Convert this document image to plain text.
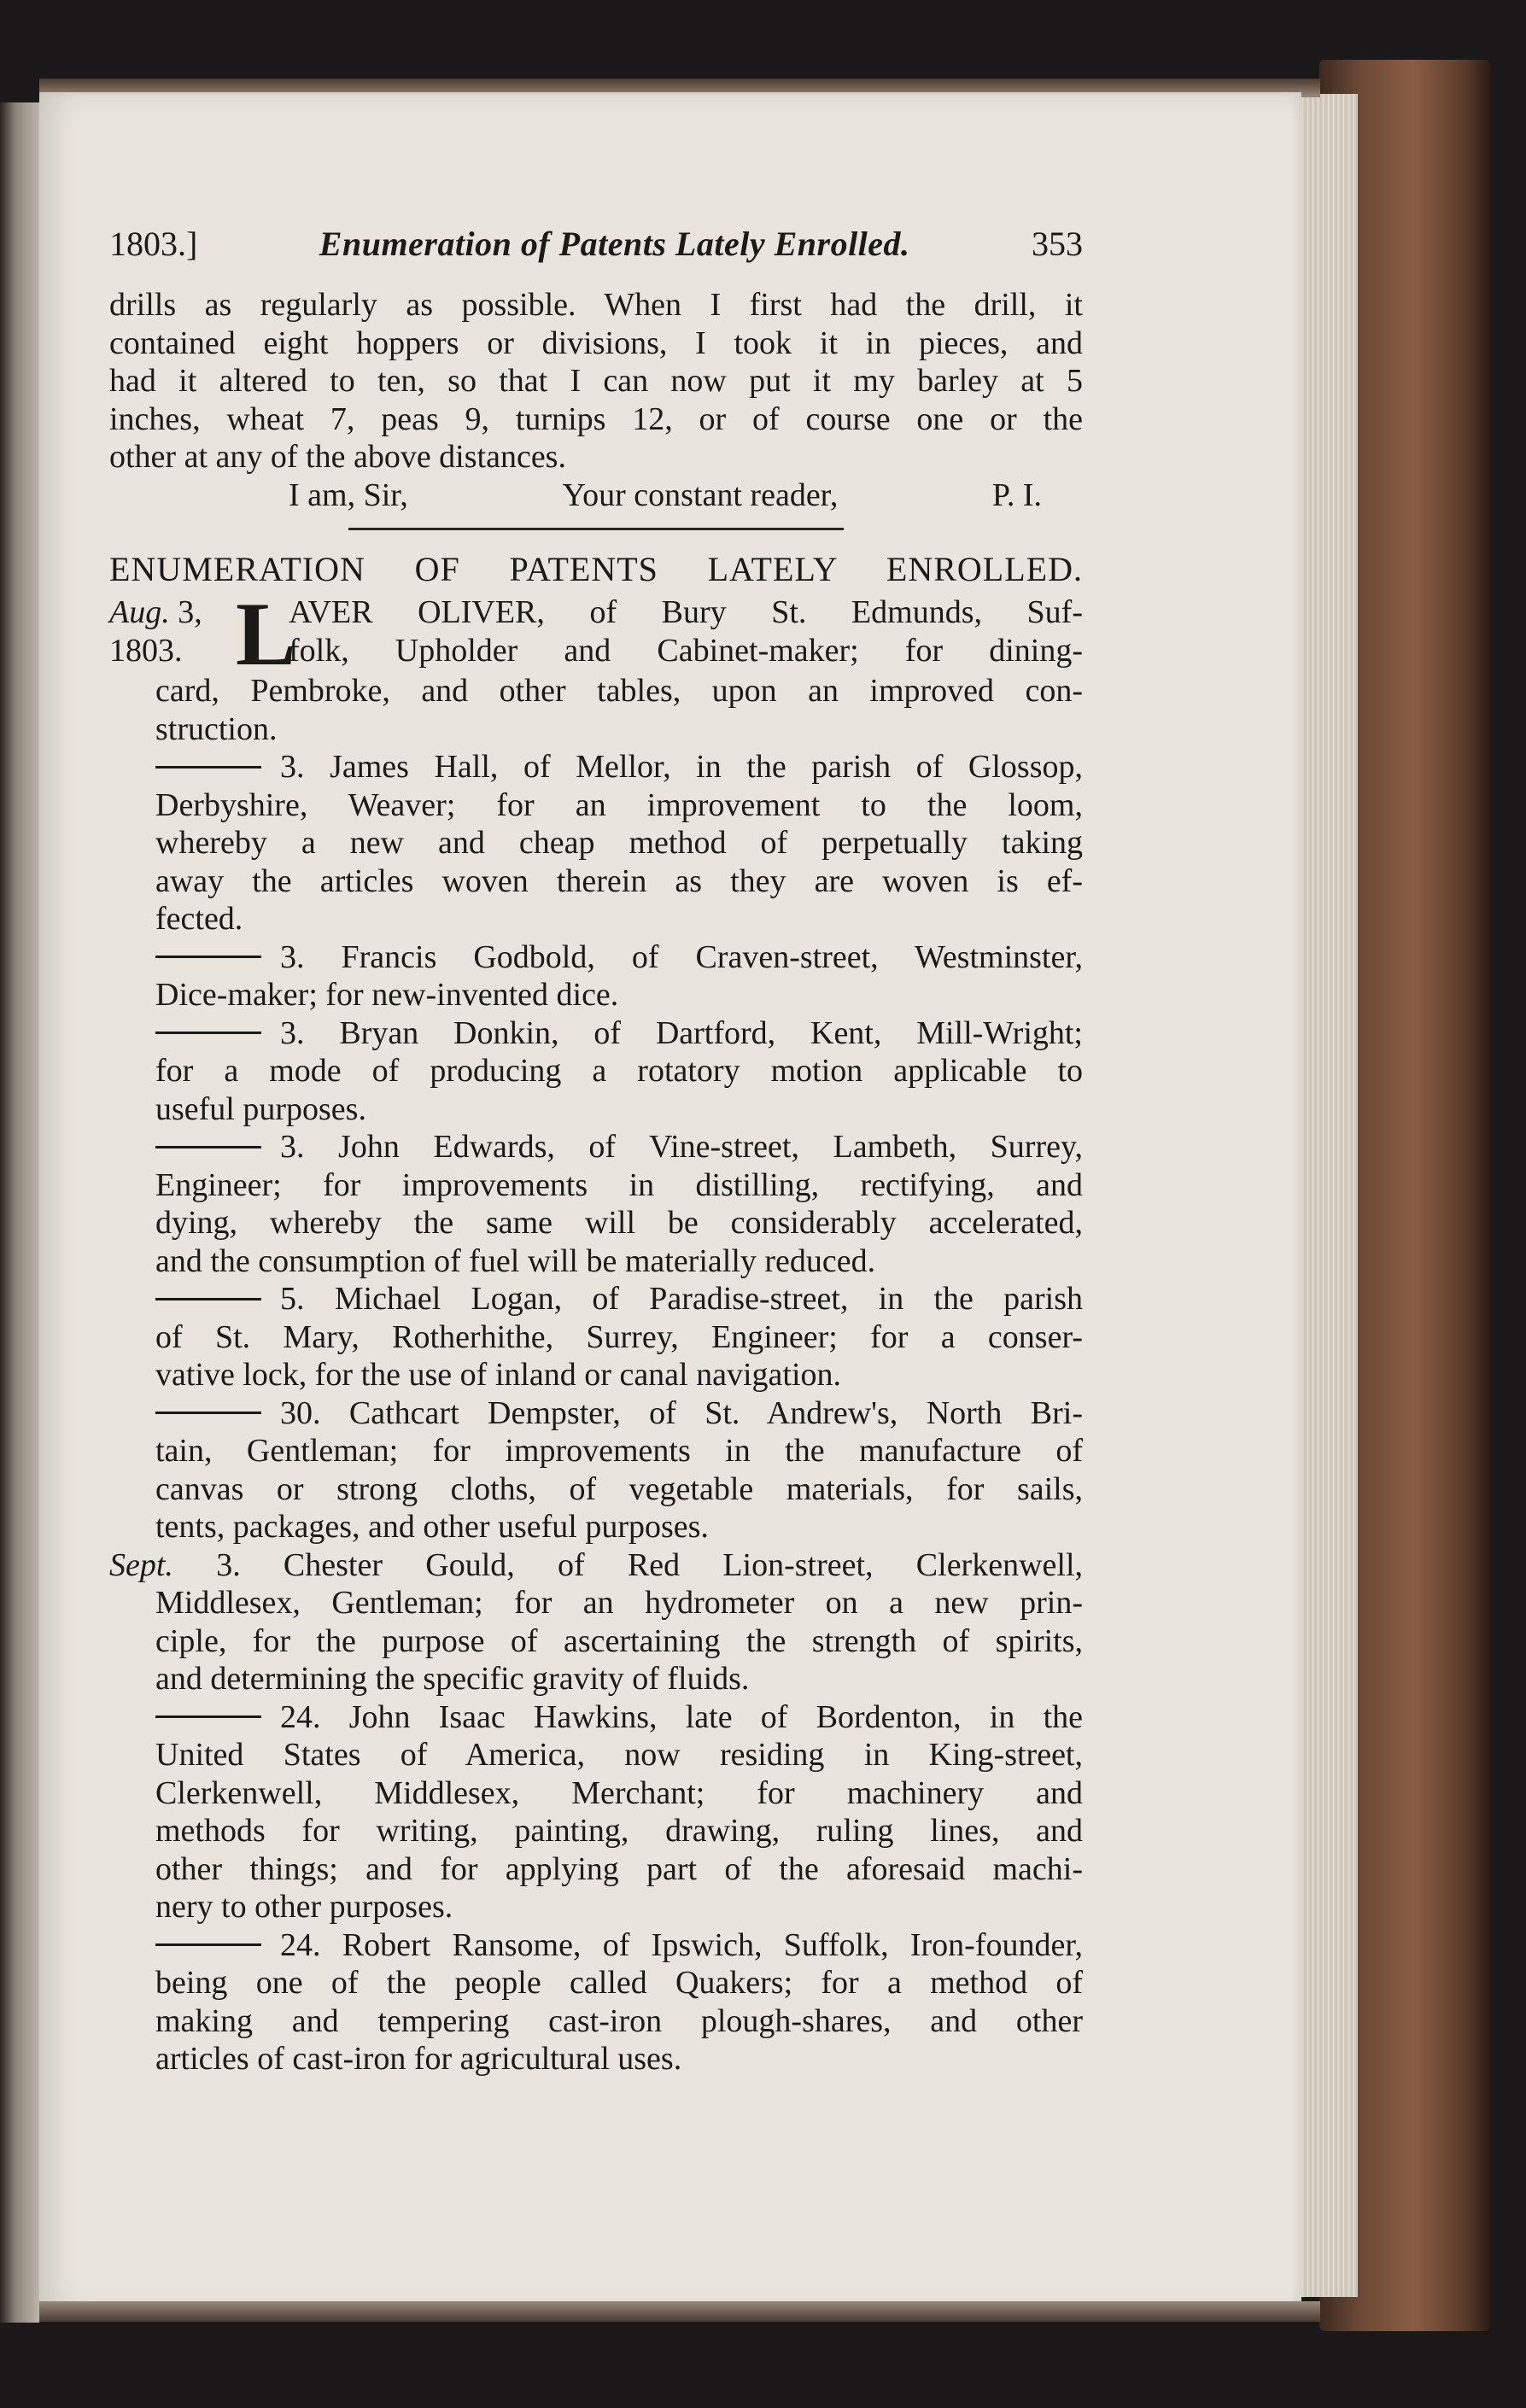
1803.]	Enumeration of Patents Lately Enrolled.	353
drills as regularly as possible. When I first had the drill, it
contained eight hoppers or divisions, I took it in pieces, and
had it altered to ten, so that I can now put it my barley at 5
inches, wheat 7, peas 9, turnips 12, or of course one or the
other at any of the above distances.
I am, Sir,	Your constant reader,	P. I.
ENUMERATION OF PATENTS LATELY ENROLLED.
Aug. 3,
1803. L
AVER OLIVER, of Bury St. Edmunds, Suf-
folk, Upholder and Cabinet-maker; for dining-
card, Pembroke, and other tables, upon an improved con-
struction.
3. James Hall, of Mellor, in the parish of Glossop,
Derbyshire, Weaver; for an improvement to the loom,
whereby a new and cheap method of perpetually taking
away the articles woven therein as they are woven is ef-
fected.
3. Francis Godbold, of Craven-street, Westminster,
Dice-maker; for new-invented dice.
3. Bryan Donkin, of Dartford, Kent, Mill-Wright;
for a mode of producing a rotatory motion applicable to
useful purposes.
3. John Edwards, of Vine-street, Lambeth, Surrey,
Engineer; for improvements in distilling, rectifying, and
dying, whereby the same will be considerably accelerated,
and the consumption of fuel will be materially reduced.
5. Michael Logan, of Paradise-street, in the parish
of St. Mary, Rotherhithe, Surrey, Engineer; for a conser-
vative lock, for the use of inland or canal navigation.
30. Cathcart Dempster, of St. Andrew's, North Bri-
tain, Gentleman; for improvements in the manufacture of
canvas or strong cloths, of vegetable materials, for sails,
tents, packages, and other useful purposes.
Sept. 3. Chester Gould, of Red Lion-street, Clerkenwell,
Middlesex, Gentleman; for an hydrometer on a new prin-
ciple, for the purpose of ascertaining the strength of spirits,
and determining the specific gravity of fluids.
24. John Isaac Hawkins, late of Bordenton, in the
United States of America, now residing in King-street,
Clerkenwell, Middlesex, Merchant; for machinery and
methods for writing, painting, drawing, ruling lines, and
other things; and for applying part of the aforesaid machi-
nery to other purposes.
24. Robert Ransome, of Ipswich, Suffolk, Iron-founder,
being one of the people called Quakers; for a method of
making and tempering cast-iron plough-shares, and other
articles of cast-iron for agricultural uses.
